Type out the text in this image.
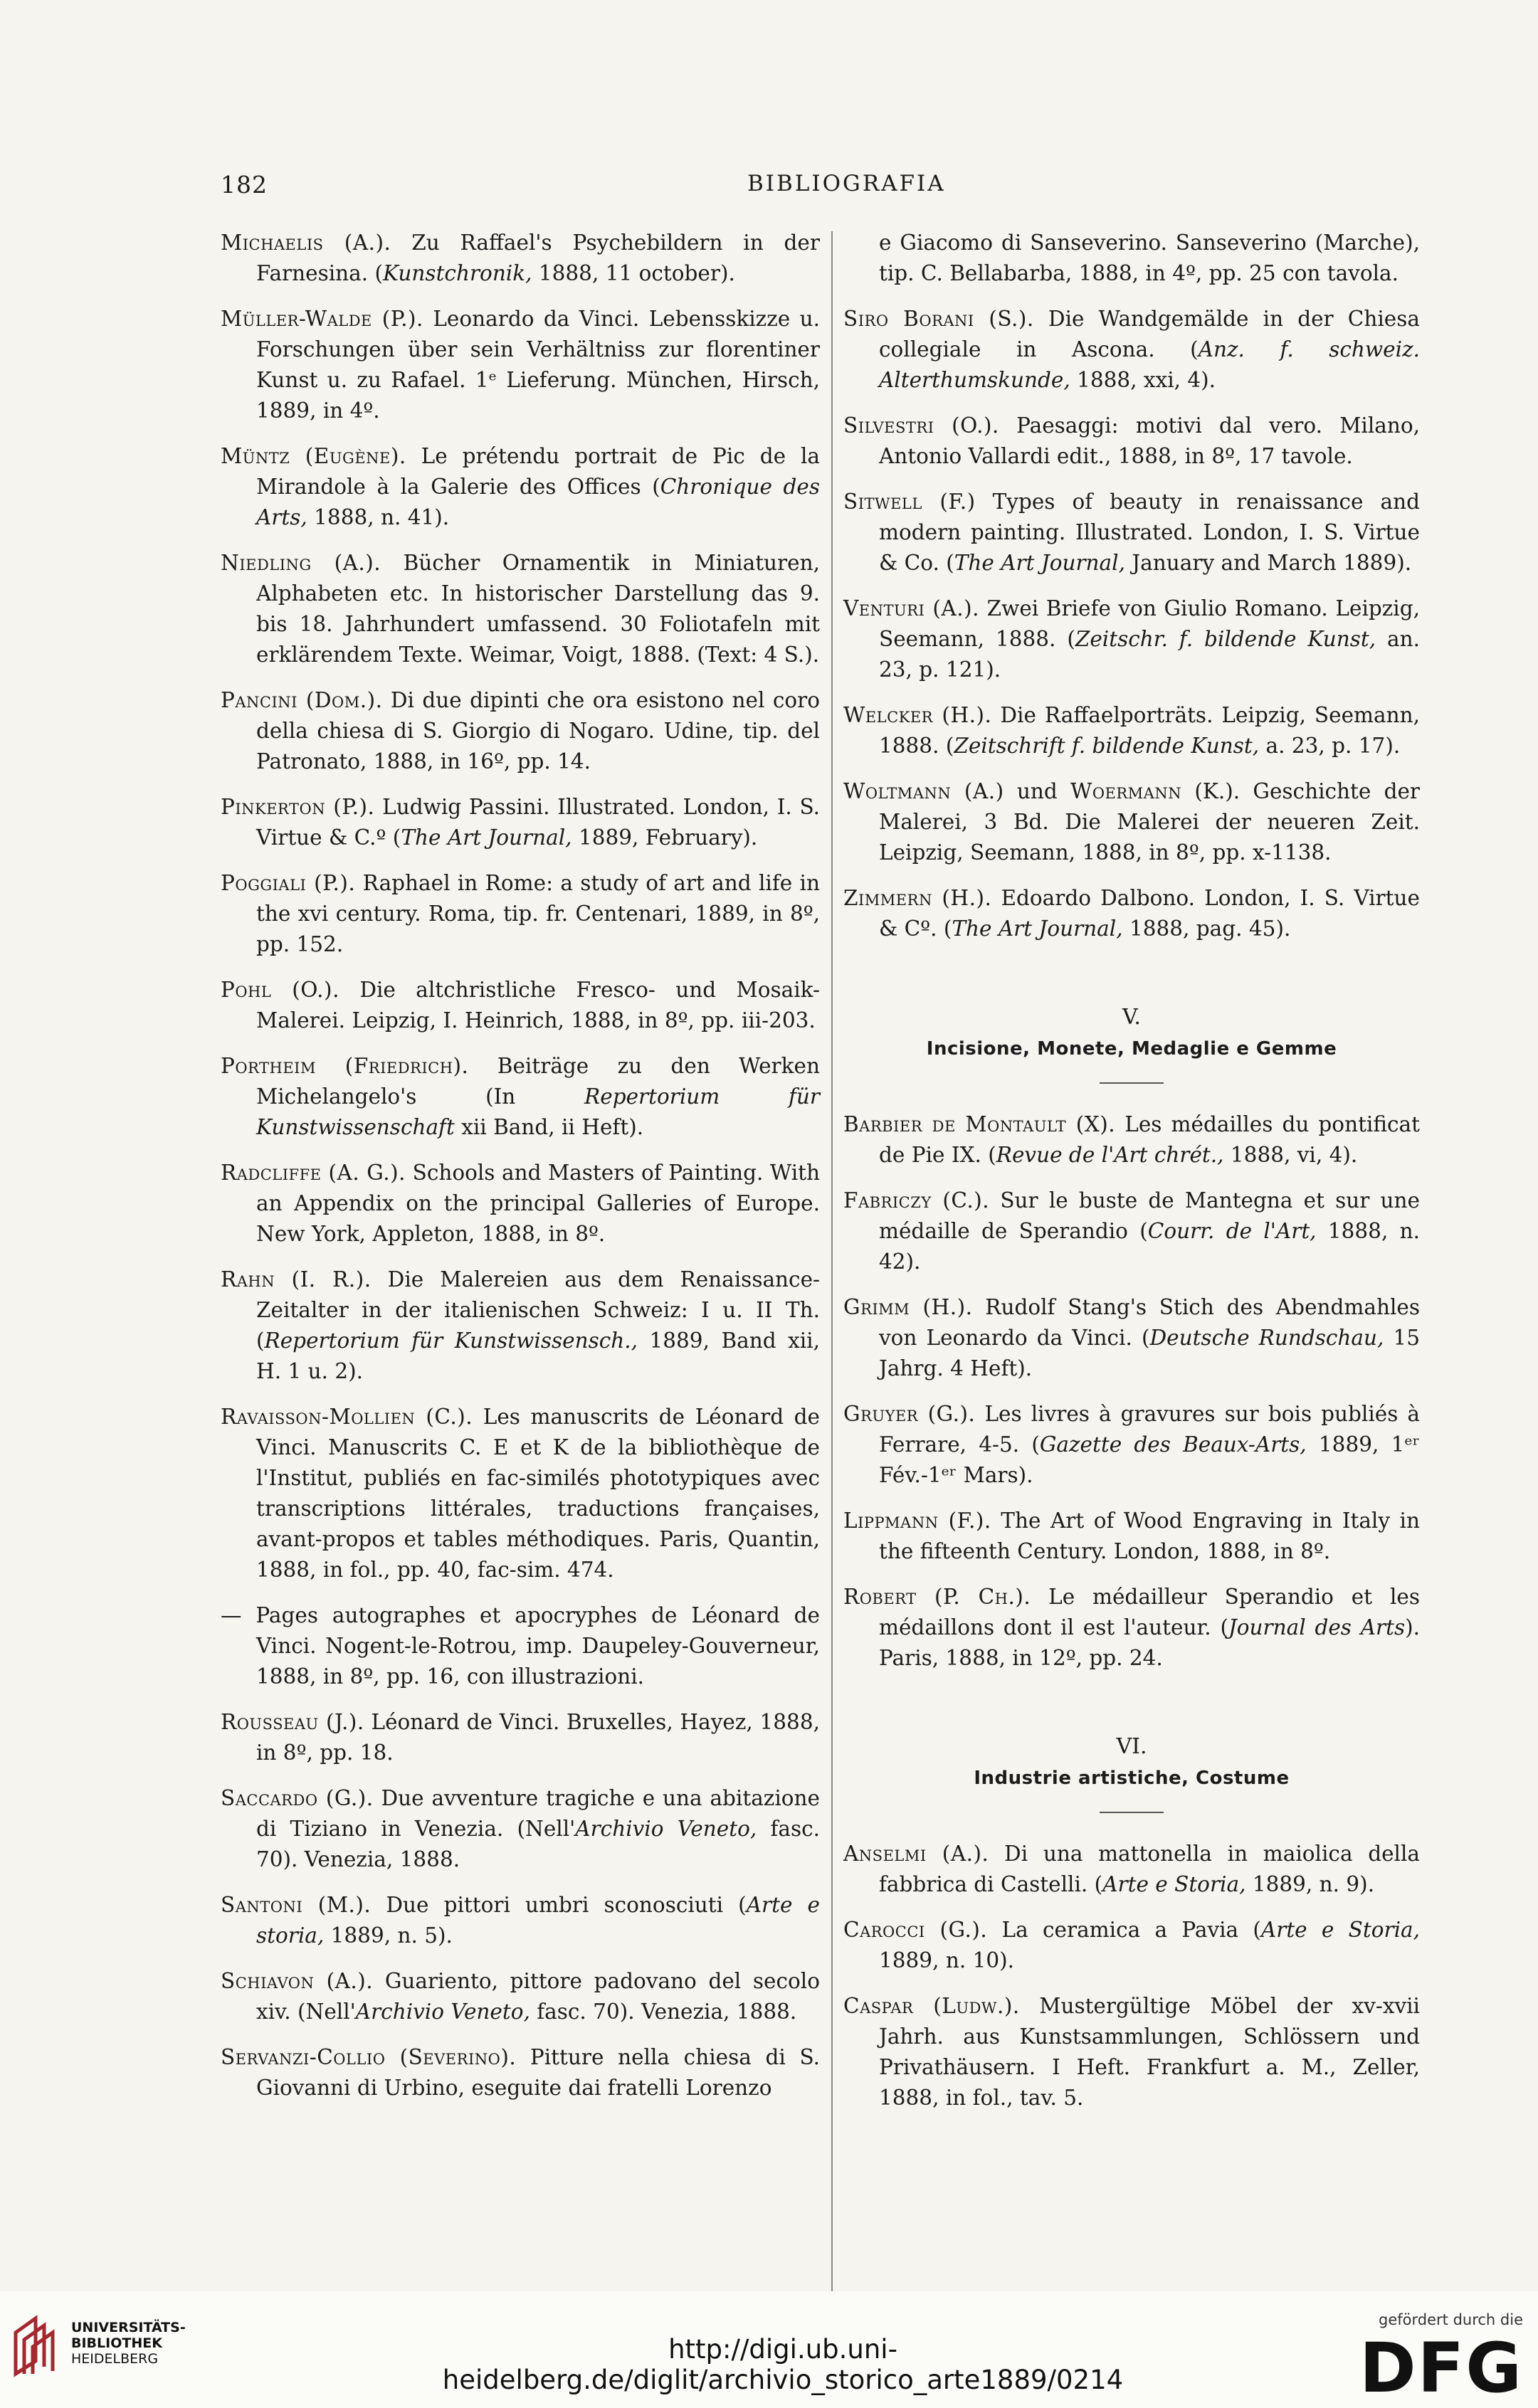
182	BIBLIOGRAFIA

Michaelis (A.). Zu Raffael's Psychebildern in der Farnesina. (Kunstchronik, 1888, 11 october).

Müller-Walde (P.). Leonardo da Vinci. Lebensskizze u. Forschungen über sein Verhältniss zur florentiner Kunst u. zu Rafael. 1ᵉ Lieferung. München, Hirsch, 1889, in 4º.

Müntz (Eugène). Le prétendu portrait de Pic de la Mirandole à la Galerie des Offices (Chronique des Arts, 1888, n. 41).

Niedling (A.). Bücher Ornamentik in Miniaturen, Alphabeten etc. In historischer Darstellung das 9. bis 18. Jahrhundert umfassend. 30 Foliotafeln mit erklärendem Texte. Weimar, Voigt, 1888. (Text: 4 S.).

Pancini (Dom.). Di due dipinti che ora esistono nel coro della chiesa di S. Giorgio di Nogaro. Udine, tip. del Patronato, 1888, in 16º, pp. 14.

Pinkerton (P.). Ludwig Passini. Illustrated. London, I. S. Virtue & C.º (The Art Journal, 1889, February).

Poggiali (P.). Raphael in Rome: a study of art and life in the xvi century. Roma, tip. fr. Centenari, 1889, in 8º, pp. 152.

Pohl (O.). Die altchristliche Fresco- und Mosaik-Malerei. Leipzig, I. Heinrich, 1888, in 8º, pp. iii-203.

Portheim (Friedrich). Beiträge zu den Werken Michelangelo's (In Repertorium für Kunstwissenschaft xii Band, ii Heft).

Radcliffe (A. G.). Schools and Masters of Painting. With an Appendix on the principal Galleries of Europe. New York, Appleton, 1888, in 8º.

Rahn (I. R.). Die Malereien aus dem Renaissance-Zeitalter in der italienischen Schweiz: I u. II Th. (Repertorium für Kunstwissensch., 1889, Band xii, H. 1 u. 2).

Ravaisson-Mollien (C.). Les manuscrits de Léonard de Vinci. Manuscrits C. E et K de la bibliothèque de l'Institut, publiés en fac-similés phototypiques avec transcriptions littérales, traductions françaises, avant-propos et tables méthodiques. Paris, Quantin, 1888, in fol., pp. 40, fac-sim. 474.

— Pages autographes et apocryphes de Léonard de Vinci. Nogent-le-Rotrou, imp. Daupeley-Gouverneur, 1888, in 8º, pp. 16, con illustrazioni.

Rousseau (J.). Léonard de Vinci. Bruxelles, Hayez, 1888, in 8º, pp. 18.

Saccardo (G.). Due avventure tragiche e una abitazione di Tiziano in Venezia. (Nell'Archivio Veneto, fasc. 70). Venezia, 1888.

Santoni (M.). Due pittori umbri sconosciuti (Arte e storia, 1889, n. 5).

Schiavon (A.). Guariento, pittore padovano del secolo xiv. (Nell'Archivio Veneto, fasc. 70). Venezia, 1888.

Servanzi-Collio (Severino). Pitture nella chiesa di S. Giovanni di Urbino, eseguite dai fratelli Lorenzo

e Giacomo di Sanseverino. Sanseverino (Marche), tip. C. Bellabarba, 1888, in 4º, pp. 25 con tavola.

Siro Borani (S.). Die Wandgemälde in der Chiesa collegiale in Ascona. (Anz. f. schweiz. Alterthumskunde, 1888, xxi, 4).

Silvestri (O.). Paesaggi: motivi dal vero. Milano, Antonio Vallardi edit., 1888, in 8º, 17 tavole.

Sitwell (F.) Types of beauty in renaissance and modern painting. Illustrated. London, I. S. Virtue & Co. (The Art Journal, January and March 1889).

Venturi (A.). Zwei Briefe von Giulio Romano. Leipzig, Seemann, 1888. (Zeitschr. f. bildende Kunst, an. 23, p. 121).

Welcker (H.). Die Raffaelporträts. Leipzig, Seemann, 1888. (Zeitschrift f. bildende Kunst, a. 23, p. 17).

Woltmann (A.) und Woermann (K.). Geschichte der Malerei, 3 Bd. Die Malerei der neueren Zeit. Leipzig, Seemann, 1888, in 8º, pp. x-1138.

Zimmern (H.). Edoardo Dalbono. London, I. S. Virtue & Cº. (The Art Journal, 1888, pag. 45).

V.
Incisione, Monete, Medaglie e Gemme

Barbier de Montault (X). Les médailles du pontificat de Pie IX. (Revue de l'Art chrét., 1888, vi, 4).

Fabriczy (C.). Sur le buste de Mantegna et sur une médaille de Sperandio (Courr. de l'Art, 1888, n. 42).

Grimm (H.). Rudolf Stang's Stich des Abendmahles von Leonardo da Vinci. (Deutsche Rundschau, 15 Jahrg. 4 Heft).

Gruyer (G.). Les livres à gravures sur bois publiés à Ferrare, 4-5. (Gazette des Beaux-Arts, 1889, 1ᵉʳ Fév.-1ᵉʳ Mars).

Lippmann (F.). The Art of Wood Engraving in Italy in the fifteenth Century. London, 1888, in 8º.

Robert (P. Ch.). Le médailleur Sperandio et les médaillons dont il est l'auteur. (Journal des Arts). Paris, 1888, in 12º, pp. 24.

VI.
Industrie artistiche, Costume

Anselmi (A.). Di una mattonella in maiolica della fabbrica di Castelli. (Arte e Storia, 1889, n. 9).

Carocci (G.). La ceramica a Pavia (Arte e Storia, 1889, n. 10).

Caspar (Ludw.). Mustergültige Möbel der xv-xvii Jahrh. aus Kunstsammlungen, Schlössern und Privathäusern. I Heft. Frankfurt a. M., Zeller, 1888, in fol., tav. 5.

UNIVERSITÄTS-
BIBLIOTHEK
HEIDELBERG	http://digi.ub.uni-heidelberg.de/diglit/archivio_storico_arte1889/0214
gefördert durch die
DFG
